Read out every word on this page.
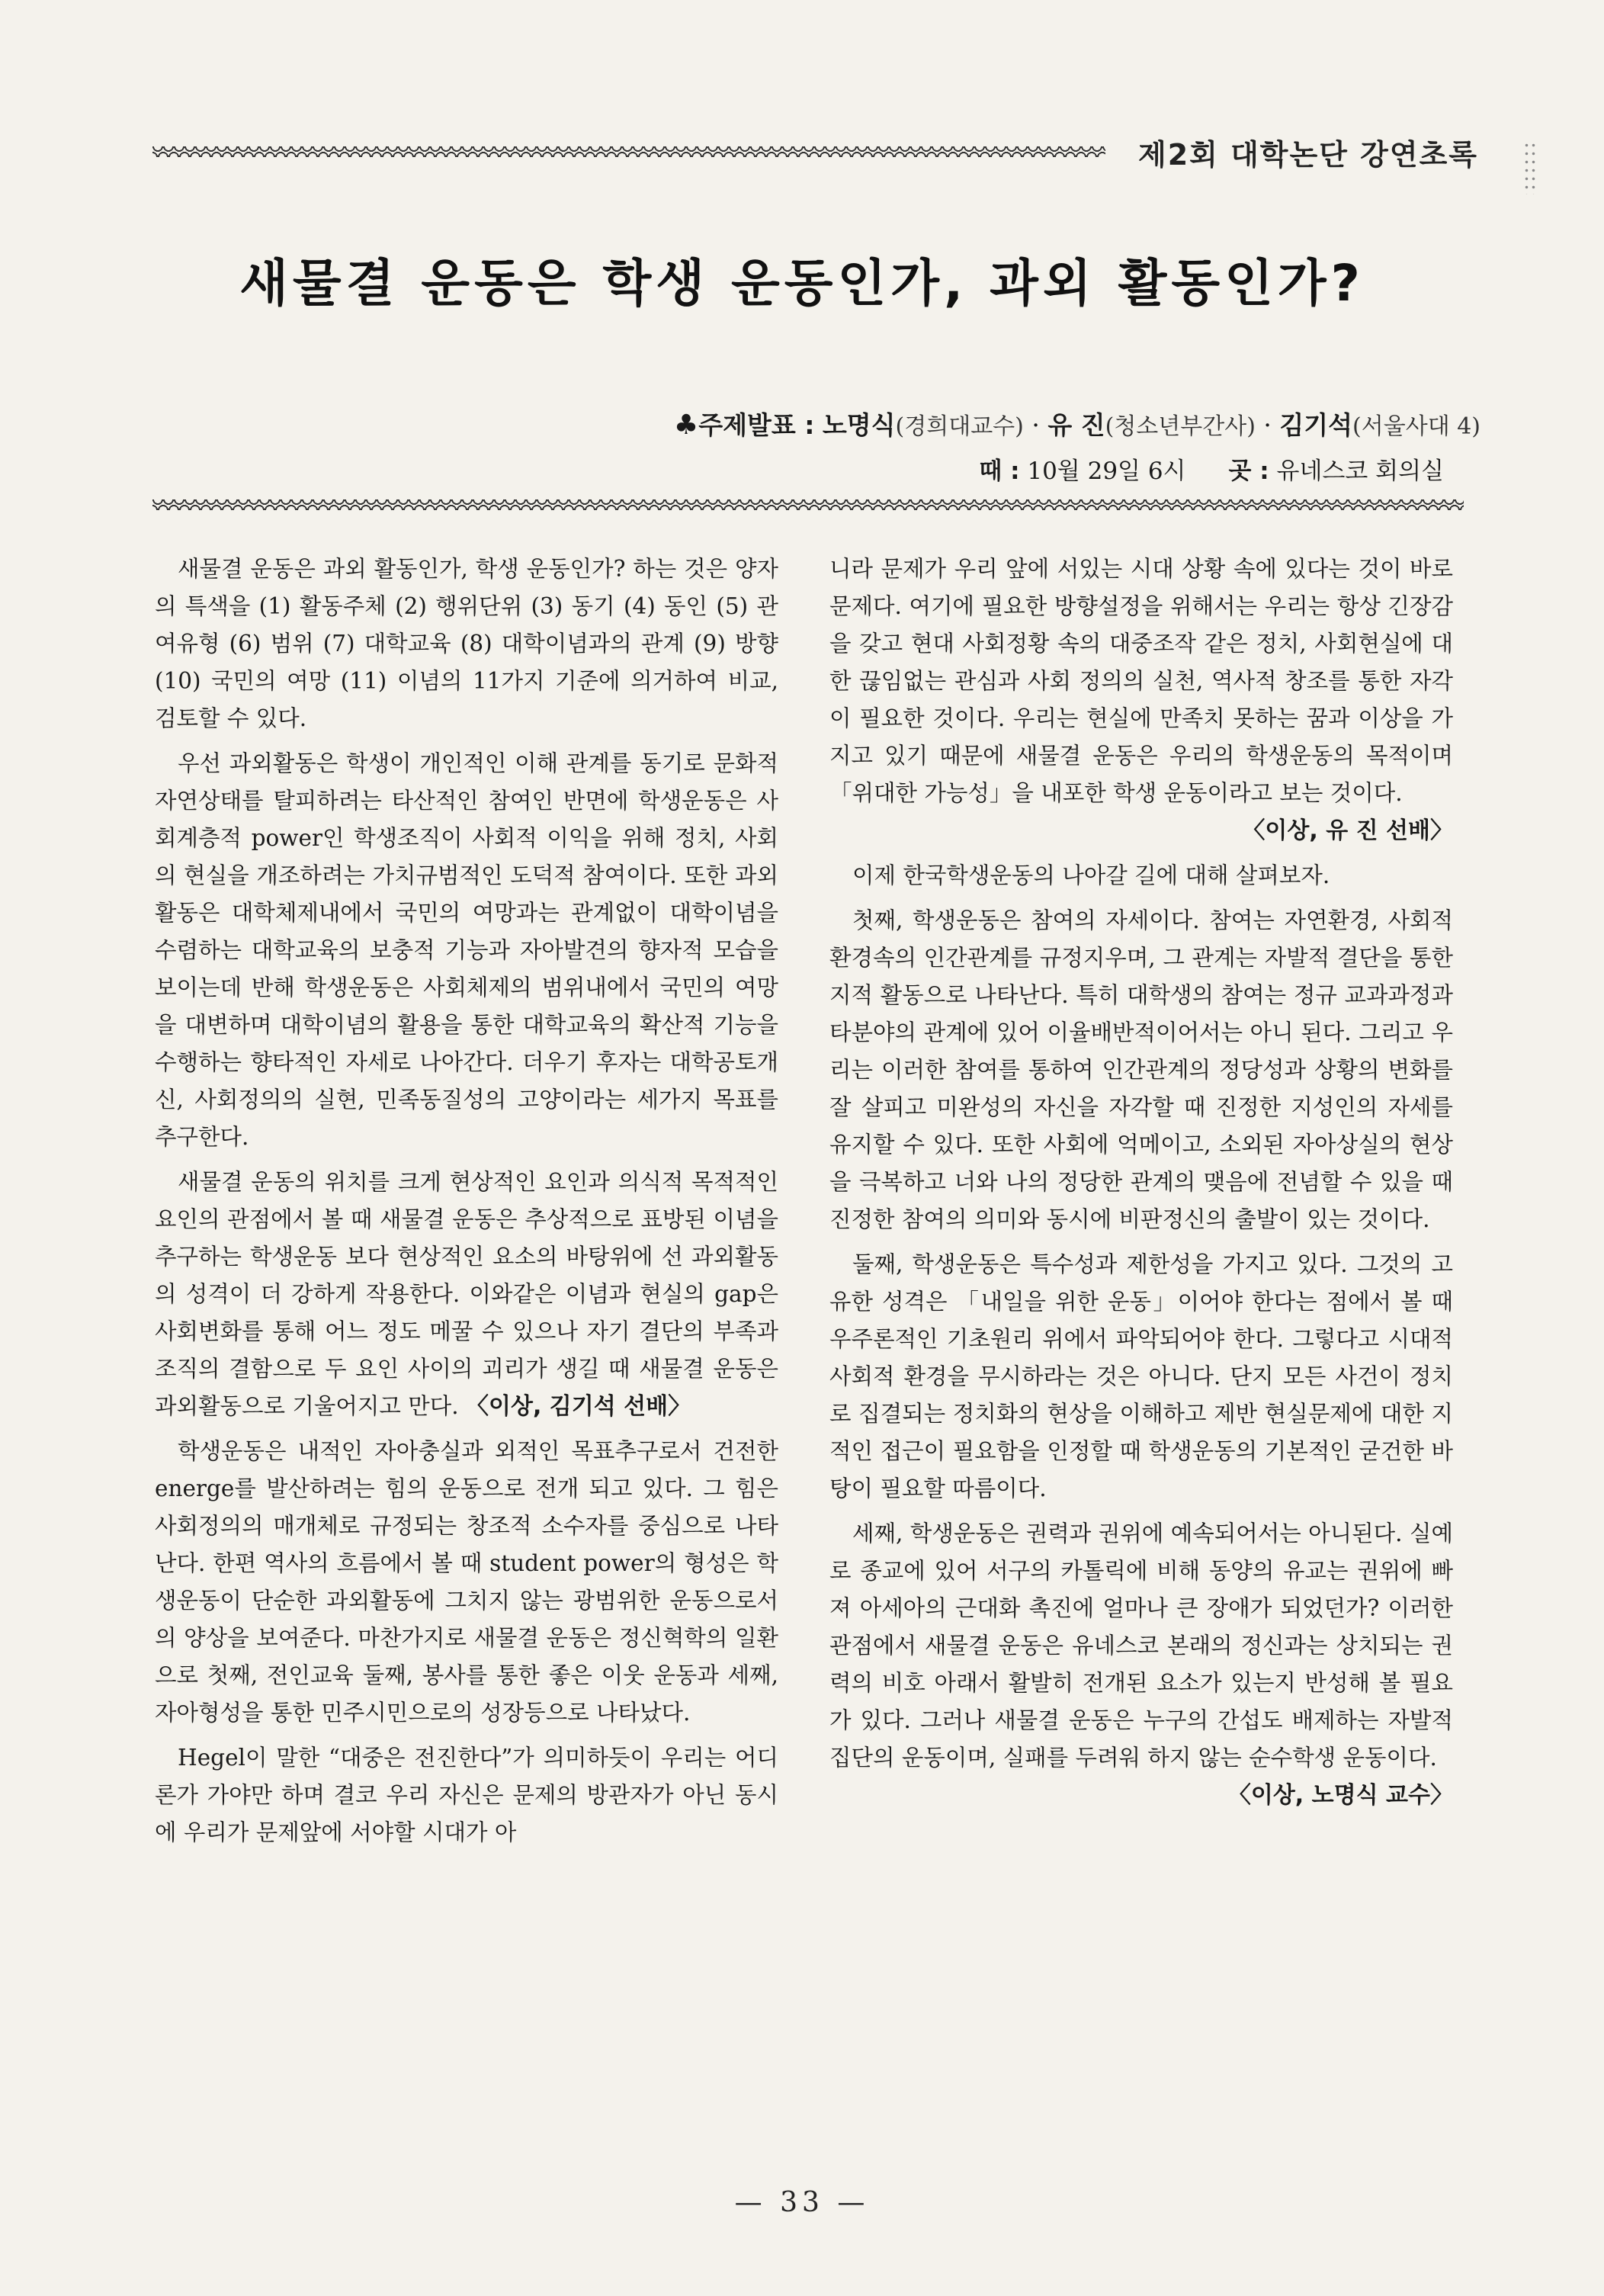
제2회 대학논단 강연초록
새물결 운동은 학생 운동인가, 과외 활동인가?
♣주제발표 : 노명식(경희대교수) · 유 진(청소년부간사) · 김기석(서울사대 4)
때 : 10월 29일 6시 곳 : 유네스코 회의실

새물결 운동은 과외 활동인가, 학생 운동인가? 하는 것은 양자의 특색을 (1) 활동주체 (2) 행위단위 (3) 동기 (4) 동인 (5) 관여유형 (6) 범위 (7) 대학교육 (8) 대학이념과의 관계 (9) 방향 (10) 국민의 여망 (11) 이념의 11가지 기준에 의거하여 비교, 검토할 수 있다.

우선 과외활동은 학생이 개인적인 이해 관계를 동기로 문화적 자연상태를 탈피하려는 타산적인 참여인 반면에 학생운동은 사회계층적 power인 학생조직이 사회적 이익을 위해 정치, 사회의 현실을 개조하려는 가치규범적인 도덕적 참여이다. 또한 과외활동은 대학체제내에서 국민의 여망과는 관계없이 대학이념을 수렴하는 대학교육의 보충적 기능과 자아발견의 향자적 모습을 보이는데 반해 학생운동은 사회체제의 범위내에서 국민의 여망을 대변하며 대학이념의 활용을 통한 대학교육의 확산적 기능을 수행하는 향타적인 자세로 나아간다. 더우기 후자는 대학공토개신, 사회정의의 실현, 민족동질성의 고양이라는 세가지 목표를 추구한다.

새물결 운동의 위치를 크게 현상적인 요인과 의식적 목적적인 요인의 관점에서 볼 때 새물결 운동은 추상적으로 표방된 이념을 추구하는 학생운동 보다 현상적인 요소의 바탕위에 선 과외활동의 성격이 더 강하게 작용한다. 이와같은 이념과 현실의 gap은 사회변화를 통해 어느 정도 메꿀 수 있으나 자기 결단의 부족과 조직의 결함으로 두 요인 사이의 괴리가 생길 때 새물결 운동은 과외활동으로 기울어지고 만다. 〈이상, 김기석 선배〉

학생운동은 내적인 자아충실과 외적인 목표추구로서 건전한 energe를 발산하려는 힘의 운동으로 전개 되고 있다. 그 힘은 사회정의의 매개체로 규정되는 창조적 소수자를 중심으로 나타난다. 한편 역사의 흐름에서 볼 때 student power의 형성은 학생운동이 단순한 과외활동에 그치지 않는 광범위한 운동으로서의 양상을 보여준다. 마찬가지로 새물결 운동은 정신혁학의 일환으로 첫째, 전인교육 둘째, 봉사를 통한 좋은 이웃 운동과 세째, 자아형성을 통한 민주시민으로의 성장등으로 나타났다.

Hegel이 말한 “대중은 전진한다”가 의미하듯이 우리는 어디론가 가야만 하며 결코 우리 자신은 문제의 방관자가 아닌 동시에 우리가 문제앞에 서야할 시대가 아

니라 문제가 우리 앞에 서있는 시대 상황 속에 있다는 것이 바로 문제다. 여기에 필요한 방향설정을 위해서는 우리는 항상 긴장감을 갖고 현대 사회정황 속의 대중조작 같은 정치, 사회현실에 대한 끊임없는 관심과 사회 정의의 실천, 역사적 창조를 통한 자각이 필요한 것이다. 우리는 현실에 만족치 못하는 꿈과 이상을 가지고 있기 때문에 새물결 운동은 우리의 학생운동의 목적이며 「위대한 가능성」을 내포한 학생 운동이라고 보는 것이다.
〈이상, 유 진 선배〉

이제 한국학생운동의 나아갈 길에 대해 살펴보자.

첫째, 학생운동은 참여의 자세이다. 참여는 자연환경, 사회적 환경속의 인간관계를 규정지우며, 그 관계는 자발적 결단을 통한 지적 활동으로 나타난다. 특히 대학생의 참여는 정규 교과과정과 타분야의 관계에 있어 이율배반적이어서는 아니 된다. 그리고 우리는 이러한 참여를 통하여 인간관계의 정당성과 상황의 변화를 잘 살피고 미완성의 자신을 자각할 때 진정한 지성인의 자세를 유지할 수 있다. 또한 사회에 억메이고, 소외된 자아상실의 현상을 극복하고 너와 나의 정당한 관계의 맺음에 전념할 수 있을 때 진정한 참여의 의미와 동시에 비판정신의 출발이 있는 것이다.

둘째, 학생운동은 특수성과 제한성을 가지고 있다. 그것의 고유한 성격은 「내일을 위한 운동」이어야 한다는 점에서 볼 때 우주론적인 기초원리 위에서 파악되어야 한다. 그렇다고 시대적 사회적 환경을 무시하라는 것은 아니다. 단지 모든 사건이 정치로 집결되는 정치화의 현상을 이해하고 제반 현실문제에 대한 지적인 접근이 필요함을 인정할 때 학생운동의 기본적인 굳건한 바탕이 필요할 따름이다.

세째, 학생운동은 권력과 권위에 예속되어서는 아니된다. 실예로 종교에 있어 서구의 카톨릭에 비해 동양의 유교는 권위에 빠져 아세아의 근대화 촉진에 얼마나 큰 장애가 되었던가? 이러한 관점에서 새물결 운동은 유네스코 본래의 정신과는 상치되는 권력의 비호 아래서 활발히 전개된 요소가 있는지 반성해 볼 필요가 있다. 그러나 새물결 운동은 누구의 간섭도 배제하는 자발적 집단의 운동이며, 실패를 두려워 하지 않는 순수학생 운동이다.
〈이상, 노명식 교수〉

— 33 —
